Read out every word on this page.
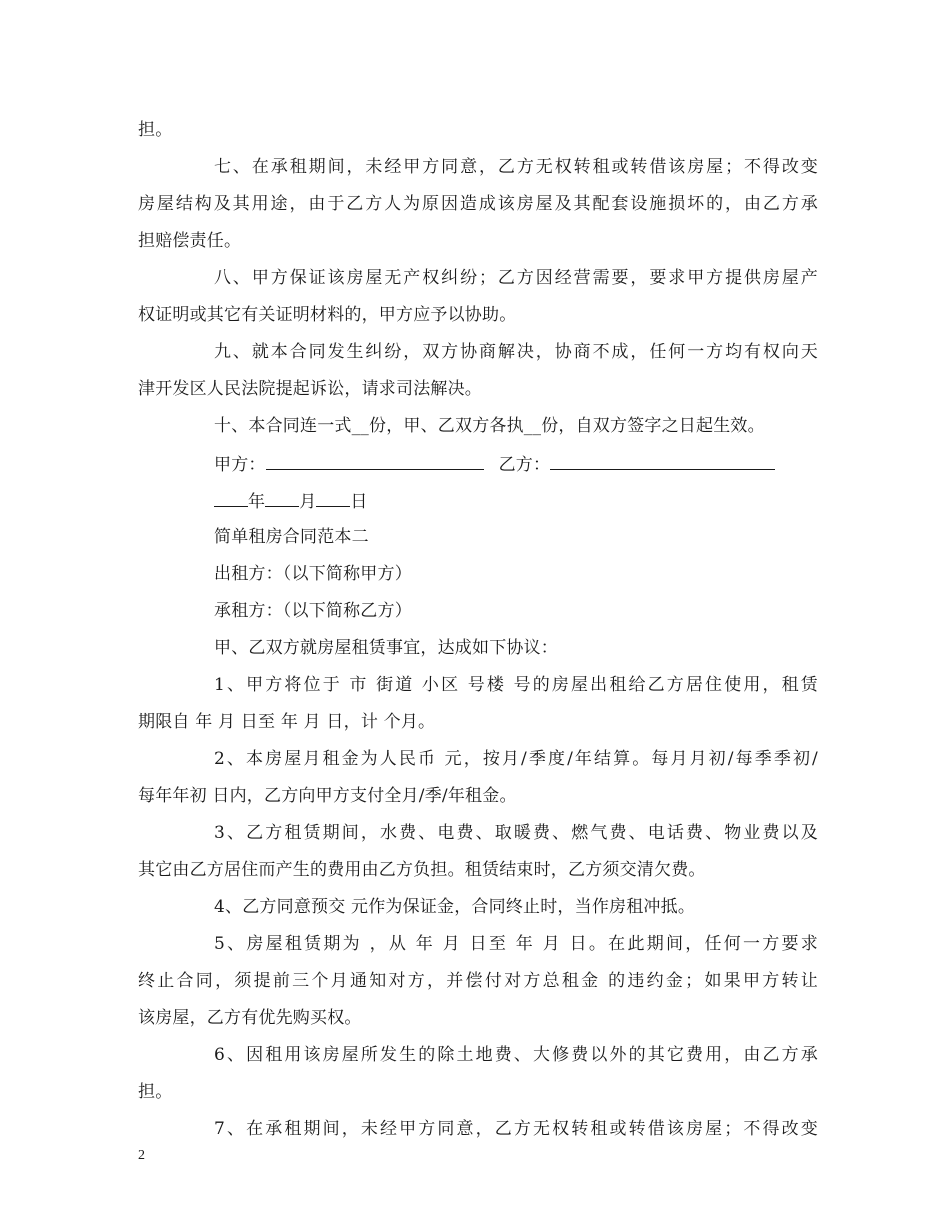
担。
七、在承租期间，未经甲方同意，乙方无权转租或转借该房屋；不得改变
房屋结构及其用途，由于乙方人为原因造成该房屋及其配套设施损坏的，由乙方承
担赔偿责任。
八、甲方保证该房屋无产权纠纷；乙方因经营需要，要求甲方提供房屋产
权证明或其它有关证明材料的，甲方应予以协助。
九、就本合同发生纠纷，双方协商解决，协商不成，任何一方均有权向天
津开发区人民法院提起诉讼，请求司法解决。
十、本合同连一式__份，甲、乙双方各执__份，自双方签字之日起生效。
甲方：	乙方：
年 月 日
简单租房合同范本二
出租方：（以下简称甲方）
承租方：（以下简称乙方）
甲、乙双方就房屋租赁事宜，达成如下协议：
1、甲方将位于 市 街道 小区 号楼 号的房屋出租给乙方居住使用，租赁
期限自 年 月 日至 年 月 日，计 个月。
2、本房屋月租金为人民币 元，按月/季度/年结算。每月月初/每季季初/
每年年初 日内，乙方向甲方支付全月/季/年租金。
3、乙方租赁期间，水费、电费、取暖费、燃气费、电话费、物业费以及
其它由乙方居住而产生的费用由乙方负担。租赁结束时，乙方须交清欠费。
4、乙方同意预交 元作为保证金，合同终止时，当作房租冲抵。
5、房屋租赁期为 ，从 年 月 日至 年 月 日。在此期间，任何一方要求
终止合同，须提前三个月通知对方，并偿付对方总租金 的违约金；如果甲方转让
该房屋，乙方有优先购买权。
6、因租用该房屋所发生的除土地费、大修费以外的其它费用，由乙方承
担。
7、在承租期间，未经甲方同意，乙方无权转租或转借该房屋；不得改变
2
